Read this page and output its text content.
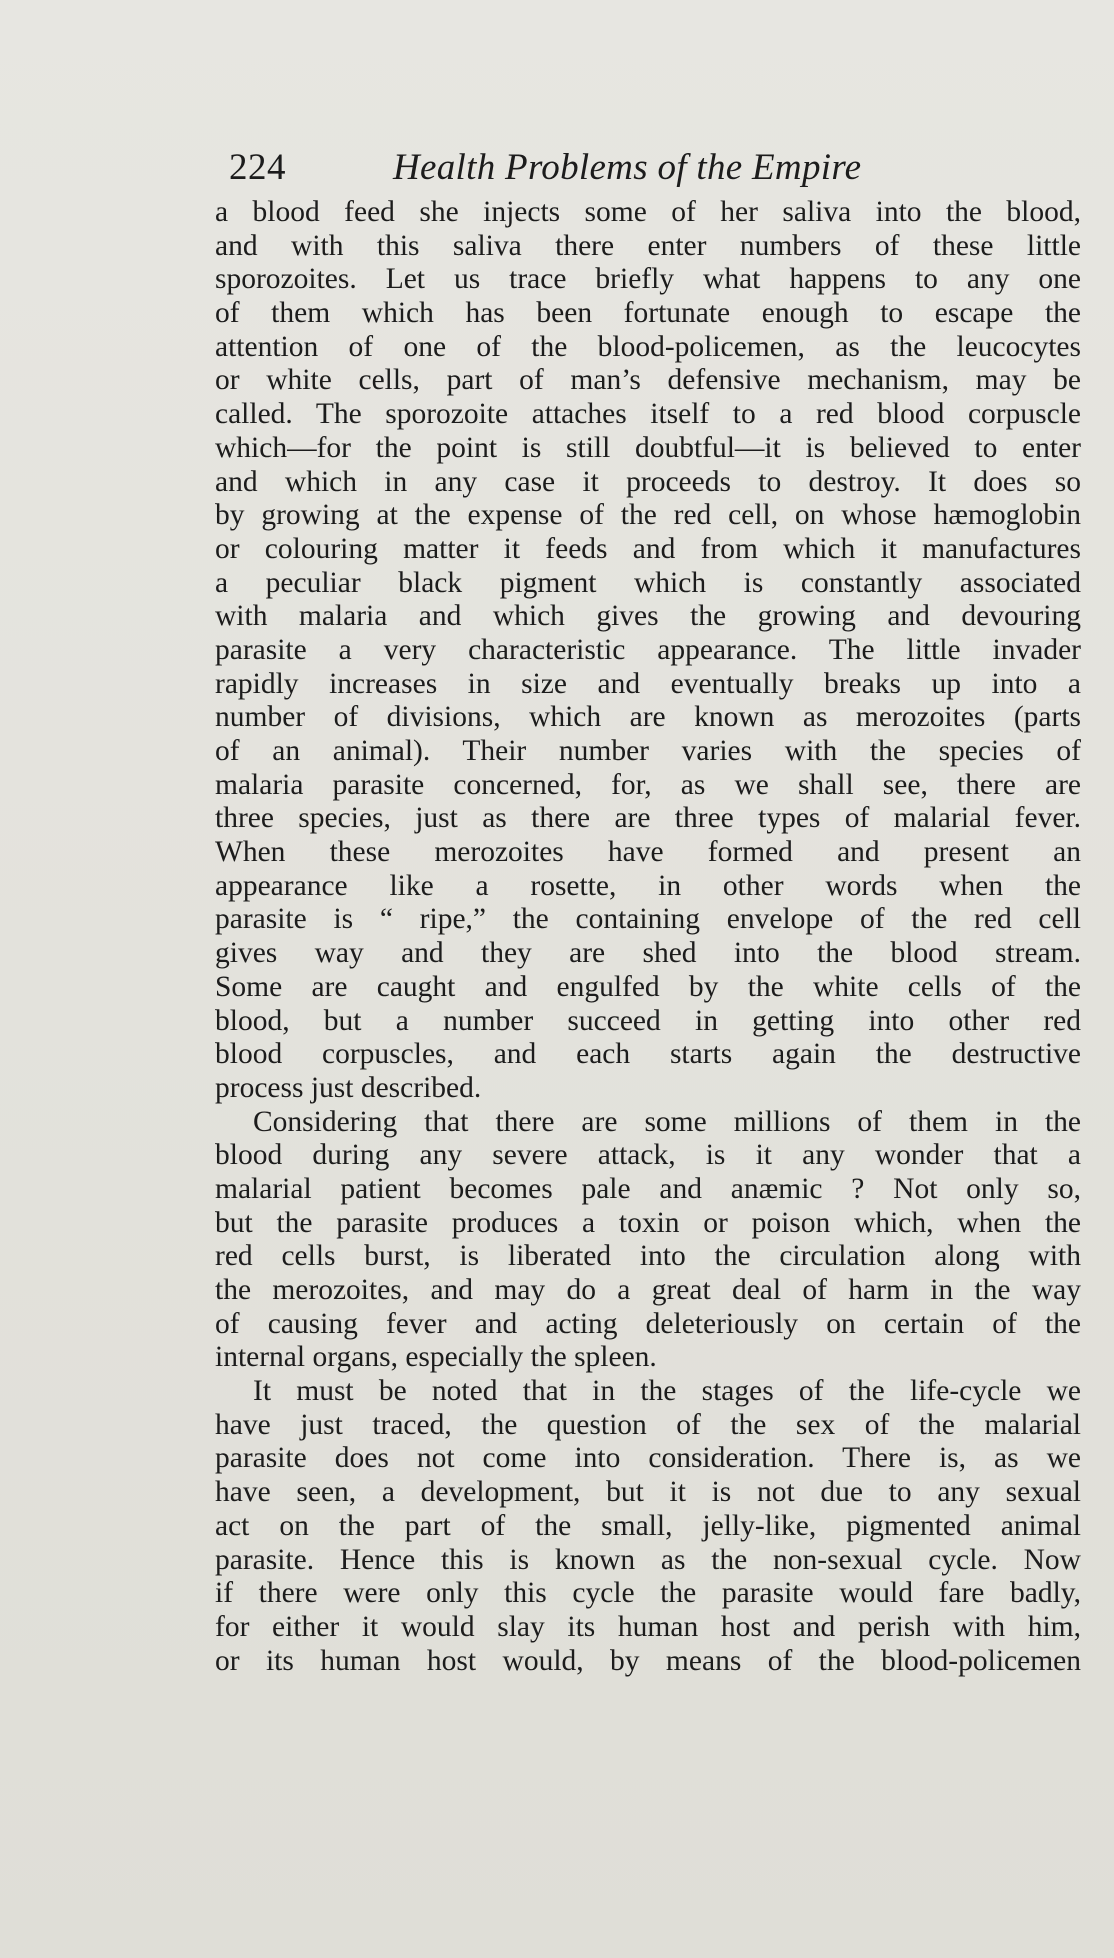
224	Health Problems of the Empire
a blood feed she injects some of her saliva into the blood,
and with this saliva there enter numbers of these little
sporozoites. Let us trace briefly what happens to any one
of them which has been fortunate enough to escape the
attention of one of the blood-policemen, as the leucocytes
or white cells, part of man’s defensive mechanism, may be
called. The sporozoite attaches itself to a red blood corpuscle
which—for the point is still doubtful—it is believed to enter
and which in any case it proceeds to destroy. It does so
by growing at the expense of the red cell, on whose hæmoglobin
or colouring matter it feeds and from which it manufactures
a peculiar black pigment which is constantly associated
with malaria and which gives the growing and devouring
parasite a very characteristic appearance. The little invader
rapidly increases in size and eventually breaks up into a
number of divisions, which are known as merozoites (parts
of an animal). Their number varies with the species of
malaria parasite concerned, for, as we shall see, there are
three species, just as there are three types of malarial fever.
When these merozoites have formed and present an
appearance like a rosette, in other words when the
parasite is “ ripe,” the containing envelope of the red cell
gives way and they are shed into the blood stream.
Some are caught and engulfed by the white cells of the
blood, but a number succeed in getting into other red
blood corpuscles, and each starts again the destructive
process just described.
Considering that there are some millions of them in the
blood during any severe attack, is it any wonder that a
malarial patient becomes pale and anæmic ? Not only so,
but the parasite produces a toxin or poison which, when the
red cells burst, is liberated into the circulation along with
the merozoites, and may do a great deal of harm in the way
of causing fever and acting deleteriously on certain of the
internal organs, especially the spleen.
It must be noted that in the stages of the life-cycle we
have just traced, the question of the sex of the malarial
parasite does not come into consideration. There is, as we
have seen, a development, but it is not due to any sexual
act on the part of the small, jelly-like, pigmented animal
parasite. Hence this is known as the non-sexual cycle. Now
if there were only this cycle the parasite would fare badly,
for either it would slay its human host and perish with him,
or its human host would, by means of the blood-policemen
